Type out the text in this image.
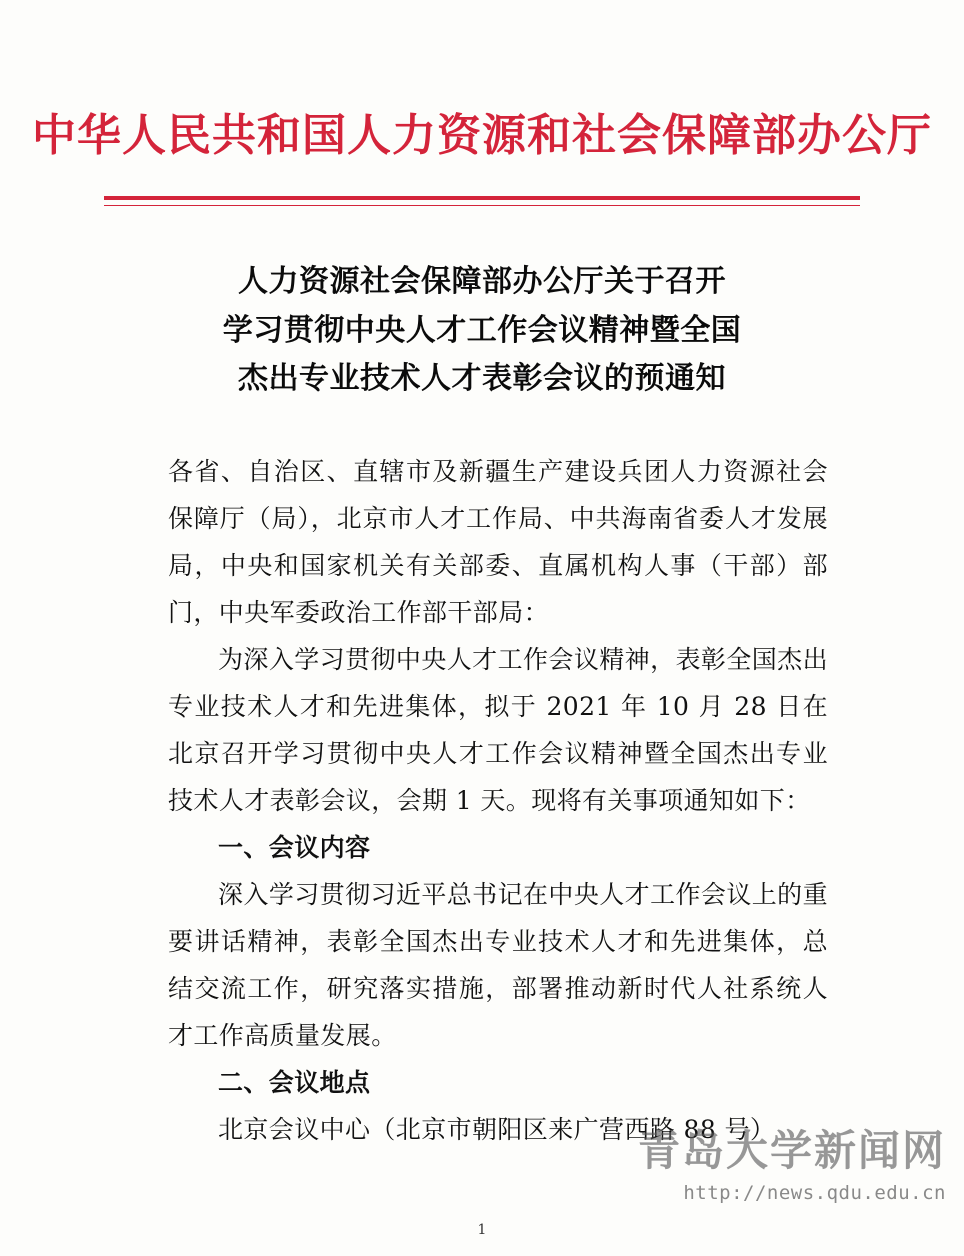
中华人民共和国人力资源和社会保障部办公厅
人力资源社会保障部办公厅关于召开
学习贯彻中央人才工作会议精神暨全国
杰出专业技术人才表彰会议的预通知

各省、自治区、直辖市及新疆生产建设兵团人力资源社会保障厅（局），北京市人才工作局、中共海南省委人才发展局，中央和国家机关有关部委、直属机构人事（干部）部门，中央军委政治工作部干部局：

为深入学习贯彻中央人才工作会议精神，表彰全国杰出专业技术人才和先进集体，拟于 2021 年 10 月 28 日在北京召开学习贯彻中央人才工作会议精神暨全国杰出专业技术人才表彰会议，会期 1 天。现将有关事项通知如下：

一、会议内容

深入学习贯彻习近平总书记在中央人才工作会议上的重要讲话精神，表彰全国杰出专业技术人才和先进集体，总结交流工作，研究落实措施，部署推动新时代人社系统人才工作高质量发展。

二、会议地点

北京会议中心（北京市朝阳区来广营西路 88 号）

1
青岛大学新闻网
http://news.qdu.edu.cn
